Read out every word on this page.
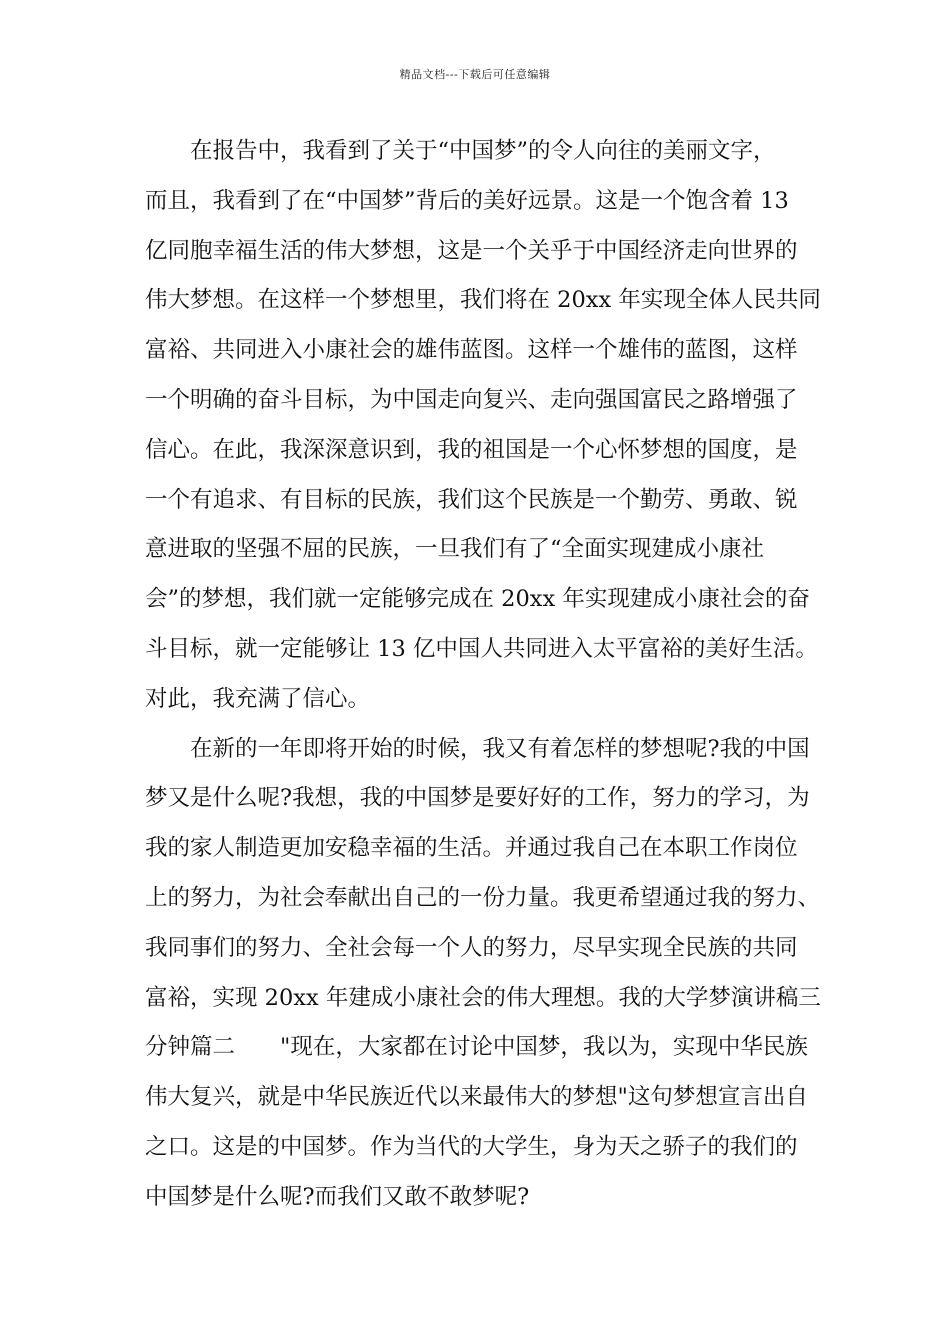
精品文档---下载后可任意编辑
在报告中，我看到了关于“中国梦”的令人向往的美丽文字，
而且，我看到了在“中国梦”背后的美好远景。这是一个饱含着 13
亿同胞幸福生活的伟大梦想，这是一个关乎于中国经济走向世界的
伟大梦想。在这样一个梦想里，我们将在 20xx 年实现全体人民共同
富裕、共同进入小康社会的雄伟蓝图。这样一个雄伟的蓝图，这样
一个明确的奋斗目标，为中国走向复兴、走向强国富民之路增强了
信心。在此，我深深意识到，我的祖国是一个心怀梦想的国度，是
一个有追求、有目标的民族，我们这个民族是一个勤劳、勇敢、锐
意进取的坚强不屈的民族，一旦我们有了“全面实现建成小康社
会”的梦想，我们就一定能够完成在 20xx 年实现建成小康社会的奋
斗目标，就一定能够让 13 亿中国人共同进入太平富裕的美好生活。
对此，我充满了信心。
在新的一年即将开始的时候，我又有着怎样的梦想呢?我的中国
梦又是什么呢?我想，我的中国梦是要好好的工作，努力的学习，为
我的家人制造更加安稳幸福的生活。并通过我自己在本职工作岗位
上的努力，为社会奉献出自己的一份力量。我更希望通过我的努力、
我同事们的努力、全社会每一个人的努力，尽早实现全民族的共同
富裕，实现 20xx 年建成小康社会的伟大理想。我的大学梦演讲稿三
分钟篇二　　"现在，大家都在讨论中国梦，我以为，实现中华民族
伟大复兴，就是中华民族近代以来最伟大的梦想"这句梦想宣言出自
之口。这是的中国梦。作为当代的大学生，身为天之骄子的我们的
中国梦是什么呢?而我们又敢不敢梦呢?
